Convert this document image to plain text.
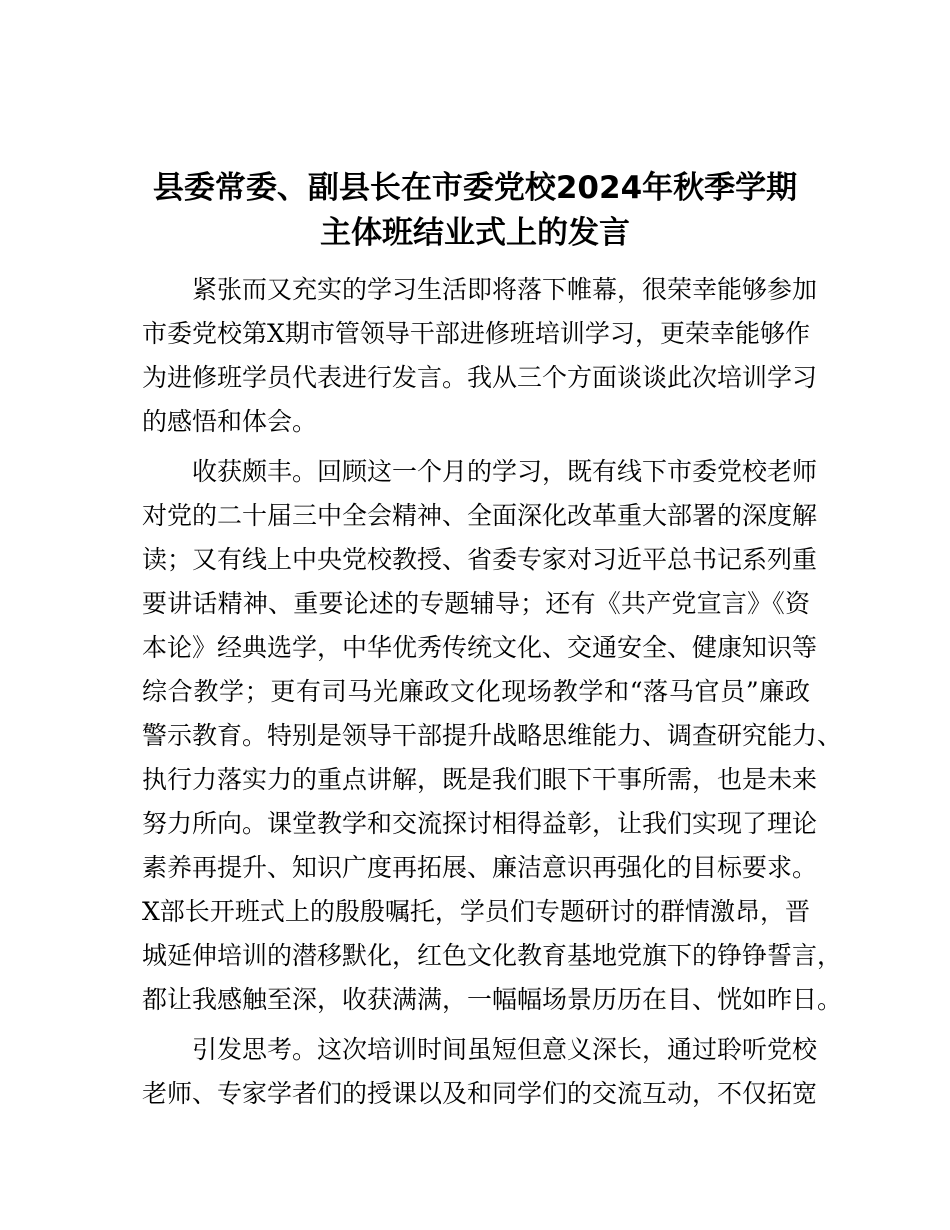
县委常委、副县长在市委党校2024年秋季学期
主体班结业式上的发言
紧张而又充实的学习生活即将落下帷幕，很荣幸能够参加
市委党校第X期市管领导干部进修班培训学习，更荣幸能够作
为进修班学员代表进行发言。我从三个方面谈谈此次培训学习
的感悟和体会。
收获颇丰。回顾这一个月的学习，既有线下市委党校老师
对党的二十届三中全会精神、全面深化改革重大部署的深度解
读；又有线上中央党校教授、省委专家对习近平总书记系列重
要讲话精神、重要论述的专题辅导；还有《共产党宣言》《资
本论》经典选学，中华优秀传统文化、交通安全、健康知识等
综合教学；更有司马光廉政文化现场教学和“落马官员”廉政
警示教育。特别是领导干部提升战略思维能力、调查研究能力、
执行力落实力的重点讲解，既是我们眼下干事所需，也是未来
努力所向。课堂教学和交流探讨相得益彰，让我们实现了理论
素养再提升、知识广度再拓展、廉洁意识再强化的目标要求。
X部长开班式上的殷殷嘱托，学员们专题研讨的群情激昂，晋
城延伸培训的潜移默化，红色文化教育基地党旗下的铮铮誓言，
都让我感触至深，收获满满，一幅幅场景历历在目、恍如昨日。
引发思考。这次培训时间虽短但意义深长，通过聆听党校
老师、专家学者们的授课以及和同学们的交流互动，不仅拓宽
